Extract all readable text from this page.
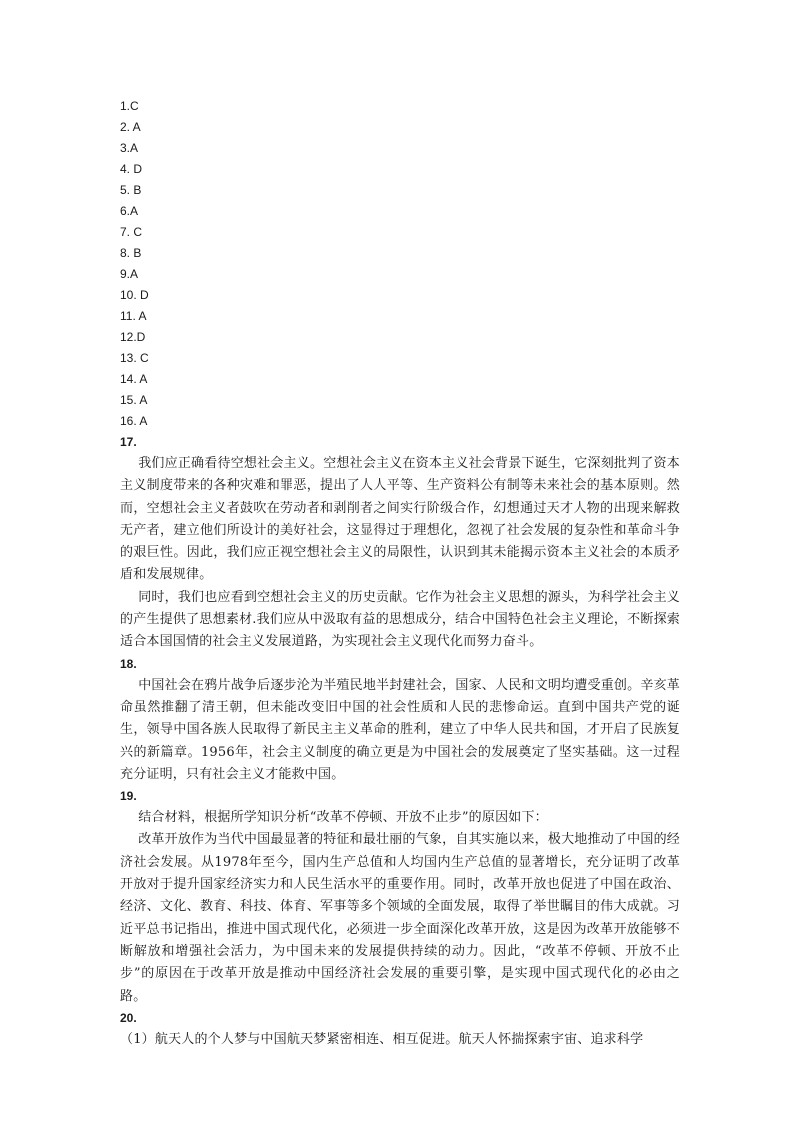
1.C
2. A
3.A
4. D
5. B
6.A
7. C
8. B
9.A
10. D
11. A
12.D
13. C
14. A
15. A
16. A
17.

我们应正确看待空想社会主义。空想社会主义在资本主义社会背景下诞生，它深刻批判了资本主义制度带来的各种灾难和罪恶，提出了人人平等、生产资料公有制等未来社会的基本原则。然而，空想社会主义者鼓吹在劳动者和剥削者之间实行阶级合作，幻想通过天才人物的出现来解救无产者，建立他们所设计的美好社会，这显得过于理想化，忽视了社会发展的复杂性和革命斗争的艰巨性。因此，我们应正视空想社会主义的局限性，认识到其未能揭示资本主义社会的本质矛盾和发展规律。

同时，我们也应看到空想社会主义的历史贡献。它作为社会主义思想的源头，为科学社会主义的产生提供了思想素材.我们应从中汲取有益的思想成分，结合中国特色社会主义理论，不断探索适合本国国情的社会主义发展道路，为实现社会主义现代化而努力奋斗。

18.

中国社会在鸦片战争后逐步沦为半殖民地半封建社会，国家、人民和文明均遭受重创。辛亥革命虽然推翻了清王朝，但未能改变旧中国的社会性质和人民的悲惨命运。直到中国共产党的诞生，领导中国各族人民取得了新民主主义革命的胜利，建立了中华人民共和国，才开启了民族复兴的新篇章。1956年，社会主义制度的确立更是为中国社会的发展奠定了坚实基础。这一过程充分证明，只有社会主义才能救中国。

19.

结合材料，根据所学知识分析“改革不停顿、开放不止步”的原因如下：

改革开放作为当代中国最显著的特征和最壮丽的气象，自其实施以来，极大地推动了中国的经济社会发展。从1978年至今，国内生产总值和人均国内生产总值的显著增长，充分证明了改革开放对于提升国家经济实力和人民生活水平的重要作用。同时，改革开放也促进了中国在政治、经济、文化、教育、科技、体育、军事等多个领域的全面发展，取得了举世瞩目的伟大成就。习近平总书记指出，推进中国式现代化，必须进一步全面深化改革开放，这是因为改革开放能够不断解放和增强社会活力，为中国未来的发展提供持续的动力。因此，“改革不停顿、开放不止步”的原因在于改革开放是推动中国经济社会发展的重要引擎，是实现中国式现代化的必由之路。

20.

（1）航天人的个人梦与中国航天梦紧密相连、相互促进。航天人怀揣探索宇宙、追求科学
